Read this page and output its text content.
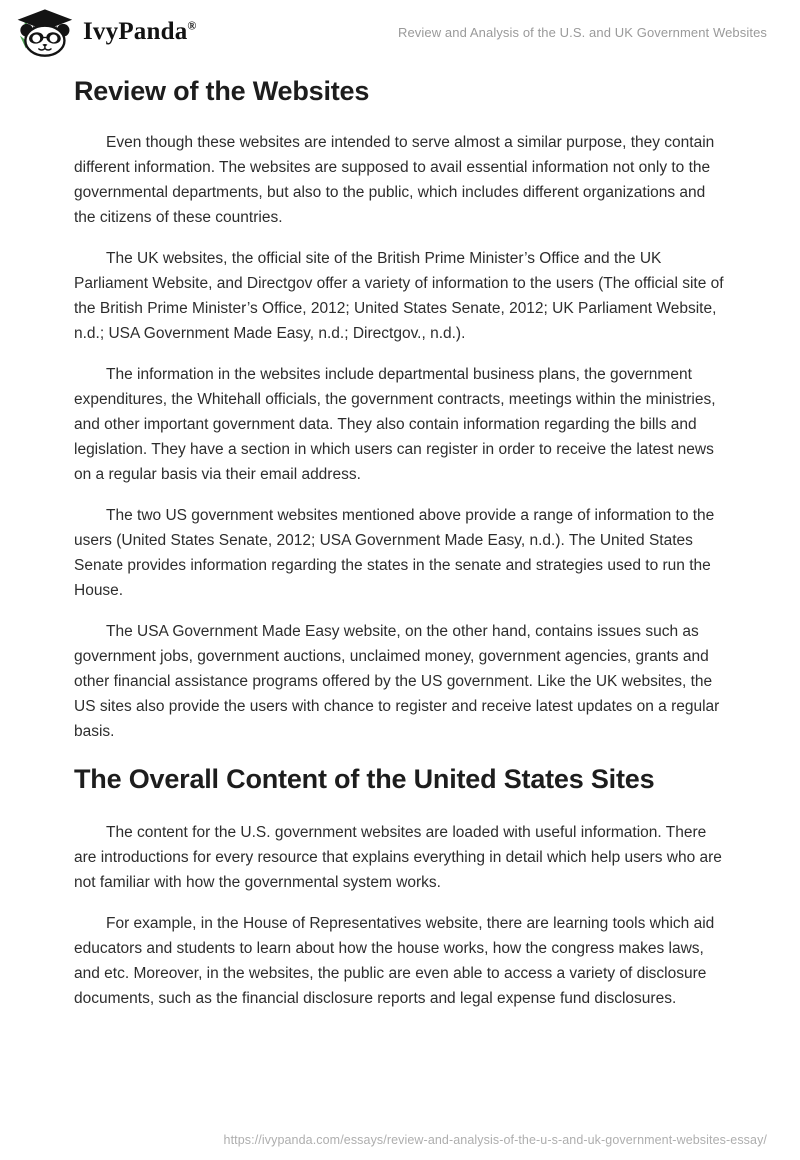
IvyPanda®	Review and Analysis of the U.S. and UK Government Websites
Review of the Websites

Even though these websites are intended to serve almost a similar purpose, they contain different information. The websites are supposed to avail essential information not only to the governmental departments, but also to the public, which includes different organizations and the citizens of these countries.

The UK websites, the official site of the British Prime Minister’s Office and the UK Parliament Website, and Directgov offer a variety of information to the users (The official site of the British Prime Minister’s Office, 2012; United States Senate, 2012; UK Parliament Website, n.d.; USA Government Made Easy, n.d.; Directgov., n.d.).

The information in the websites include departmental business plans, the government expenditures, the Whitehall officials, the government contracts, meetings within the ministries, and other important government data. They also contain information regarding the bills and legislation. They have a section in which users can register in order to receive the latest news on a regular basis via their email address.

The two US government websites mentioned above provide a range of information to the users (United States Senate, 2012; USA Government Made Easy, n.d.). The United States Senate provides information regarding the states in the senate and strategies used to run the House.

The USA Government Made Easy website, on the other hand, contains issues such as government jobs, government auctions, unclaimed money, government agencies, grants and other financial assistance programs offered by the US government. Like the UK websites, the US sites also provide the users with chance to register and receive latest updates on a regular basis.

The Overall Content of the United States Sites

The content for the U.S. government websites are loaded with useful information. There are introductions for every resource that explains everything in detail which help users who are not familiar with how the governmental system works.

For example, in the House of Representatives website, there are learning tools which aid educators and students to learn about how the house works, how the congress makes laws, and etc. Moreover, in the websites, the public are even able to access a variety of disclosure documents, such as the financial disclosure reports and legal expense fund disclosures.

https://ivypanda.com/essays/review-and-analysis-of-the-u-s-and-uk-government-websites-essay/
